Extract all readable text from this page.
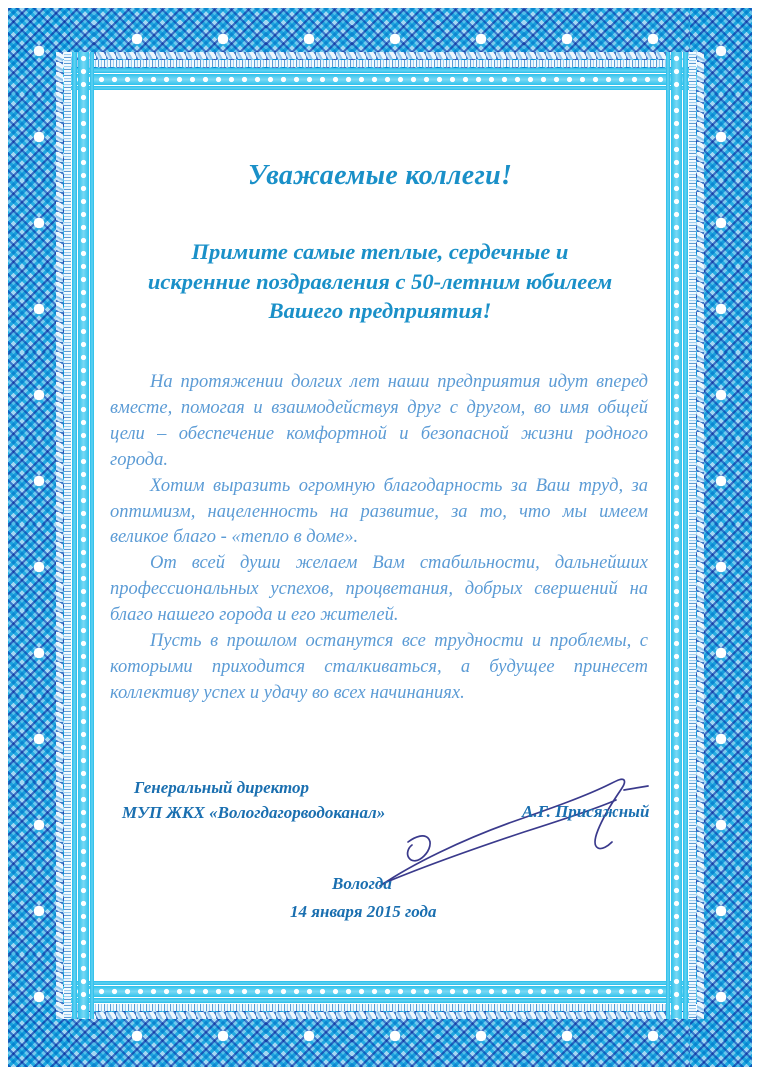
Уважаемые коллеги!
Примите самые теплые, сердечные и
искренние поздравления с 50-летним юбилеем
Вашего предприятия!

На протяжении долгих лет наши предприятия идут вперед вместе, помогая и взаимодействуя друг с другом, во имя общей цели – обеспечение комфортной и безопасной жизни родного города.

Хотим выразить огромную благодарность за Ваш труд, за оптимизм, нацеленность на развитие, за то, что мы имеем великое благо - «тепло в доме».

От всей души желаем Вам стабильности, дальнейших профессиональных успехов, процветания, добрых свершений на благо нашего города и его жителей.

Пусть в прошлом останутся все трудности и проблемы, с которыми приходится сталкиваться, а будущее принесет коллективу успех и удачу во всех начинаниях.

Генеральный директор
МУП ЖКХ «Вологдагорводоканал»	А.Г. Присяжный
Вологда
14 января 2015 года
